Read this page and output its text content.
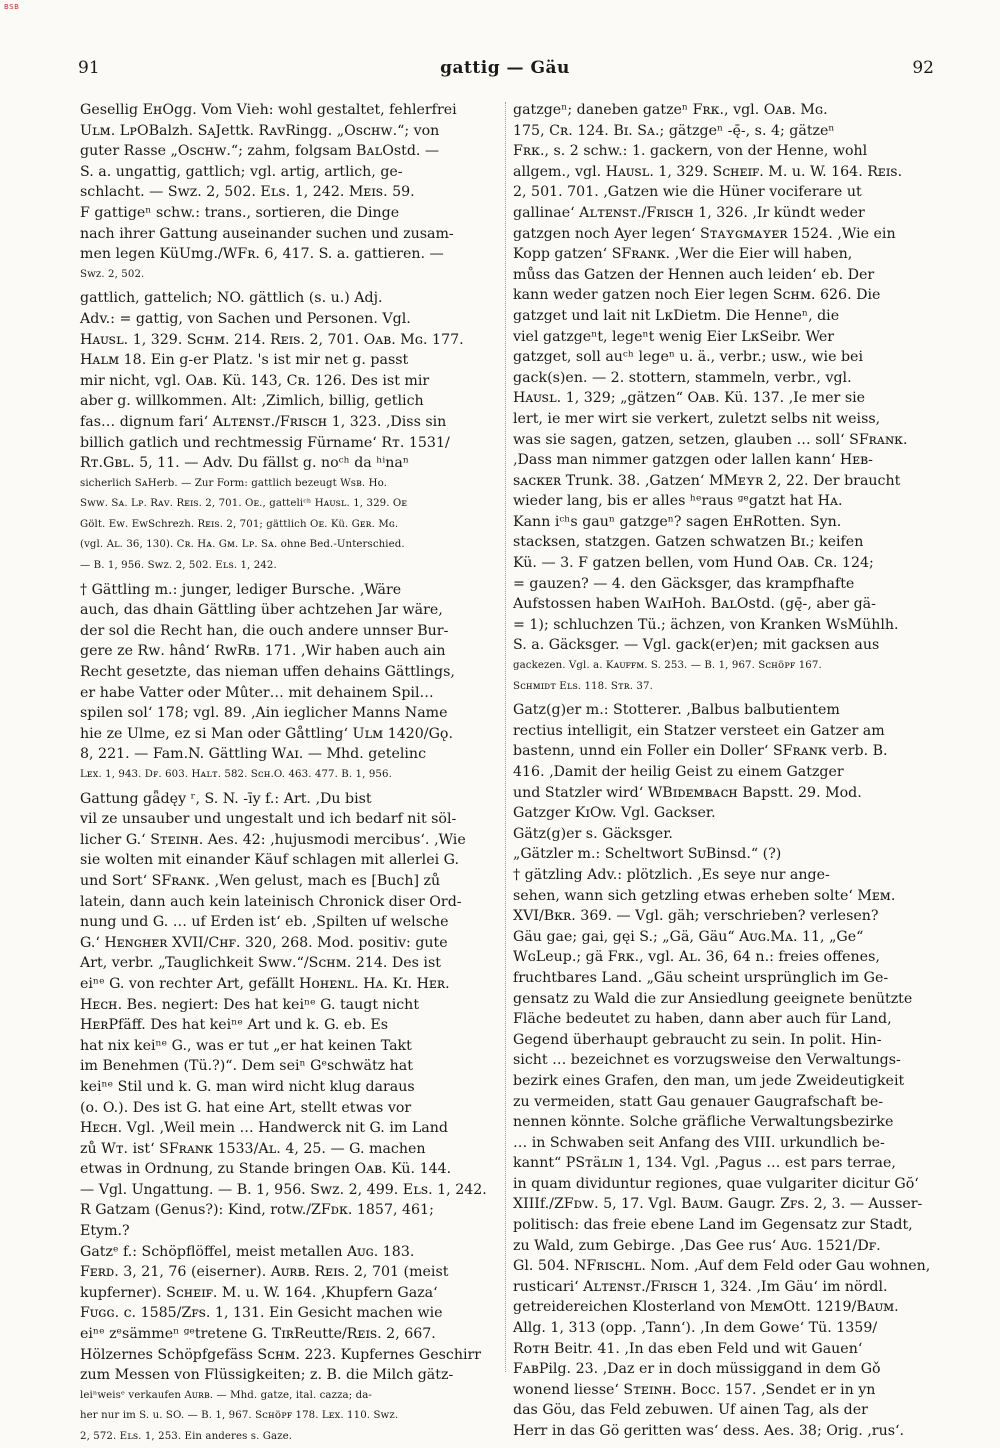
BSB
91	gattig — Gäu	92
Gesellig EʜOgg. Vom Vieh: wohl gestaltet, fehlerfrei
Uʟᴍ. LᴘOBalzh. SᴀJettk. RᴀᴠRingg. „Oѕᴄʜᴡ.“; von
guter Rasse „Oѕᴄʜᴡ.“; zahm, folgsam BᴀʟOstd. —
S. a. ungattig, gattlich; vgl. artig, artlich, ge-
schlacht. — Sᴡᴢ. 2, 502. Eʟѕ. 1, 242. Mᴇɪѕ. 59.
F gattigeⁿ schw.: trans., sortieren, die Dinge
nach ihrer Gattung auseinander suchen und zusam-
men legen KüUmg./WFʀ. 6, 417. S. a. gattieren. —
Sᴡᴢ. 2, 502.
gattlich, gattelich; NO. gättlich (s. u.) Adj.
Adv.: = gattig, von Sachen und Personen. Vgl.
Hᴀᴜѕʟ. 1, 329. Sᴄʜᴍ. 214. Rᴇɪѕ. 2, 701. Oᴀʙ. Mɢ. 177.
Hᴀʟᴍ 18. Ein g-er Platz. 's ist mir net g. passt
mir nicht, vgl. Oᴀʙ. Kü. 143, Cʀ. 126. Des ist mir
aber g. willkommen. Alt: ‚Zimlich, billig, getlich
fas… dignum fari‘ Aʟᴛᴇɴѕᴛ./Fʀɪѕᴄʜ 1, 323. ‚Diss sin
billich gatlich und rechtmessig Fürname‘ Rᴛ. 1531/
Rᴛ.Gʙʟ. 5, 11. — Adv. Du fällst g. noᶜʰ da ʰⁱnaⁿ
sicherlich SᴀHerb. — Zur Form: gattlich bezeugt Wѕʙ. Hᴏ.
Sᴡᴡ. Sᴀ. Lᴘ. Rᴀᴠ. Rᴇɪѕ. 2, 701. Oᴇ., gatteliᶜʰ Hᴀᴜѕʟ. 1, 329. Oᴇ
Gölt. Eᴡ. EᴡSchrezh. Rᴇɪѕ. 2, 701; gättlich Oᴇ. Kü. Gᴇʀ. Mɢ.
(vgl. Aʟ. 36, 130). Cʀ. Hᴀ. Gᴍ. Lᴘ. Sᴀ. ohne Bed.-Unterschied.
— B. 1, 956. Sᴡᴢ. 2, 502. Eʟѕ. 1, 242.
† Gättling m.: junger, lediger Bursche. ‚Wäre
auch, das dhain Gättling über achtzehen Jar wäre,
der sol die Recht han, die ouch andere unnser Bur-
gere ze Rᴡ. hând‘ RᴡRʙ. 171. ‚Wir haben auch ain
Recht gesetzte, das nieman uffen dehains Gättlings,
er habe Vatter oder Mûter… mit dehainem Spil…
spilen sol‘ 178; vgl. 89. ‚Ain ieglicher Manns Name
hie ze Ulme, ez si Man oder Gåttling‘ Uʟᴍ 1420/Gǫ.
8, 221. — Fam.N. Gättling Wᴀɪ. — Mhd. getelinc
Lᴇx. 1, 943. Dꜰ. 603. Hᴀʟᴛ. 582. Sᴄʜ.O. 463. 477. B. 1, 956.
Gattung gǟdęy ʳ, S. N. -īy f.: Art. ‚Du bist
vil ze unsauber und ungestalt und ich bedarf nit söl-
licher G.‘ Sᴛᴇɪɴʜ. Aes. 42: ‚hujusmodi mercibus‘. ‚Wie
sie wolten mit einander Käuf schlagen mit allerlei G.
und Sort‘ SFʀᴀɴᴋ. ‚Wen gelust, mach es [Buch] zů
latein, dann auch kein lateinisch Chronick diser Ord-
nung und G. … uf Erden ist‘ eb. ‚Spilten uf welsche
G.‘ Hᴇɴɢʜᴇʀ XVII/Cʜꜰ. 320, 268. Mod. positiv: gute
Art, verbr. „Tauglichkeit Sᴡᴡ.“/Sᴄʜᴍ. 214. Des ist
eiⁿᵉ G. von rechter Art, gefällt Hᴏʜᴇɴʟ. Hᴀ. Kɪ. Hᴇʀ.
Hᴇᴄʜ. Bes. negiert: Des hat keiⁿᵉ G. taugt nicht
HᴇʀPfäff. Des hat keiⁿᵉ Art und k. G. eb. Es
hat nix keiⁿᵉ G., was er tut „er hat keinen Takt
im Benehmen (Tü.?)“. Dem seiⁿ Gᵉschwätz hat
keiⁿᵉ Stil und k. G. man wird nicht klug daraus
(o. O.). Des ist G. hat eine Art, stellt etwas vor
Hᴇᴄʜ. Vgl. ‚Weil mein … Handwerck nit G. im Land
zů Wᴛ. ist‘ SFʀᴀɴᴋ 1533/Aʟ. 4, 25. — G. machen
etwas in Ordnung, zu Stande bringen Oᴀʙ. Kü. 144.
— Vgl. Ungattung. — B. 1, 956. Sᴡᴢ. 2, 499. Eʟѕ. 1, 242.
R Gatzam (Genus?): Kind, rotw./ZFᴅᴋ. 1857, 461;
Etym.?
Gatzᵉ f.: Schöpflöffel, meist metallen Aᴜɢ. 183.
Fᴇʀᴅ. 3, 21, 76 (eiserner). Aᴜʀʙ. Rᴇɪѕ. 2, 701 (meist
kupferner). Sᴄʜᴇɪꜰ. M. u. W. 164. ‚Khupfern Gaza‘
Fᴜɢɢ. c. 1585/Zꜰѕ. 1, 131. Ein Gesicht machen wie
eiⁿᵉ zᵉsämmeⁿ ᵍᵉtretene G. TɪʀReutte/Rᴇɪѕ. 2, 667.
Hölzernes Schöpfgefäss Sᴄʜᴍ. 223. Kupfernes Geschirr
zum Messen von Flüssigkeiten; z. B. die Milch gätz-
leiⁿweisᵉ verkaufen Aᴜʀʙ. — Mhd. gatze, ital. cazza; da-
her nur im S. u. SO. — B. 1, 967. Sᴄʜöᴘꜰ 178. Lᴇx. 110. Sᴡᴢ.
2, 572. Eʟѕ. 1, 253. Ein anderes s. Gaze.
gatzgeⁿ; daneben gatzeⁿ Fʀᴋ., vgl. Oᴀʙ. Mɢ.
175, Cʀ. 124. Bɪ. Sᴀ.; gätzgeⁿ -ę̄-, s. 4; gätzeⁿ
Fʀᴋ., s. 2 schw.: 1. gackern, von der Henne, wohl
allgem., vgl. Hᴀᴜѕʟ. 1, 329. Sᴄʜᴇɪꜰ. M. u. W. 164. Rᴇɪѕ.
2, 501. 701. ‚Gatzen wie die Hüner vociferare ut
gallinae‘ Aʟᴛᴇɴѕᴛ./Fʀɪѕᴄʜ 1, 326. ‚Ir kündt weder
gatzgen noch Ayer legen‘ Sᴛᴀʏɢᴍᴀʏᴇʀ 1524. ‚Wie ein
Kopp gatzen‘ SFʀᴀɴᴋ. ‚Wer die Eier will haben,
můss das Gatzen der Hennen auch leiden‘ eb. Der
kann weder gatzen noch Eier legen Sᴄʜᴍ. 626. Die
gatzget und lait nit LᴋDietm. Die Henneⁿ, die
viel gatzgeⁿt, legeⁿt wenig Eier LᴋSeibr. Wer
gatzget, soll auᶜʰ legeⁿ u. ä., verbr.; usw., wie bei
gack(s)en. — 2. stottern, stammeln, verbr., vgl.
Hᴀᴜѕʟ. 1, 329; „gätzen“ Oᴀʙ. Kü. 137. ‚Ie mer sie
lert, ie mer wirt sie verkert, zuletzt selbs nit weiss,
was sie sagen, gatzen, setzen, glauben … soll‘ SFʀᴀɴᴋ.
‚Dass man nimmer gatzgen oder lallen kann‘ Hᴇʙ-
ѕᴀᴄᴋᴇʀ Trunk. 38. ‚Gatzen‘ MMᴇʏʀ 2, 22. Der braucht
wieder lang, bis er alles ʰᵉraus ᵍᵉgatzt hat Hᴀ.
Kann iᶜʰs gauⁿ gatzgeⁿ? sagen EʜRotten. Syn.
stacksen, statzgen. Gatzen schwatzen Bɪ.; keifen
Kü. — 3. F gatzen bellen, vom Hund Oᴀʙ. Cʀ. 124;
= gauzen? — 4. den Gäcksger, das krampfhafte
Aufstossen haben WᴀɪHoh. BᴀʟOstd. (gę̄-, aber gä-
= 1); schluchzen Tü.; ächzen, von Kranken WѕMühlh.
S. a. Gäcksger. — Vgl. gack(er)en; mit gacksen aus
gackezen. Vgl. a. Kᴀᴜꜰꜰᴍ. S. 253. — B. 1, 967. Sᴄʜöᴘꜰ 167.
Sᴄʜᴍɪᴅᴛ Eʟѕ. 118. Sᴛʀ. 37.
Gatz(g)er m.: Stotterer. ‚Balbus balbutientem
rectius intelligit, ein Statzer versteet ein Gatzer am
bastenn, unnd ein Foller ein Doller‘ SFʀᴀɴᴋ verb. B.
416. ‚Damit der heilig Geist zu einem Gatzger
und Statzler wird‘ WBɪᴅᴇᴍʙᴀᴄʜ Bapstt. 29. Mod.
Gatzger KɪOw. Vgl. Gackser.
Gätz(g)er s. Gäcksger.
„Gätzler m.: Scheltwort SᴜBinsd.“ (?)
† gätzling Adv.: plötzlich. ‚Es seye nur ange-
sehen, wann sich getzling etwas erheben solte‘ Mᴇᴍ.
XVI/Bᴋʀ. 369. — Vgl. gäh; verschrieben? verlesen?
Gäu gae; gai, gęi S.; „Gä, Gäu“ Aᴜɢ.Mᴀ. 11, „Ge“
WɢLeup.; gä Fʀᴋ., vgl. Aʟ. 36, 64 n.: freies offenes,
fruchtbares Land. „Gäu scheint ursprünglich im Ge-
gensatz zu Wald die zur Ansiedlung geeignete benützte
Fläche bedeutet zu haben, dann aber auch für Land,
Gegend überhaupt gebraucht zu sein. In polit. Hin-
sicht … bezeichnet es vorzugsweise den Verwaltungs-
bezirk eines Grafen, den man, um jede Zweideutigkeit
zu vermeiden, statt Gau genauer Gaugrafschaft be-
nennen könnte. Solche gräfliche Verwaltungsbezirke
… in Schwaben seit Anfang des VIII. urkundlich be-
kannt“ PSᴛäʟɪɴ 1, 134. Vgl. ‚Pagus … est pars terrae,
in quam dividuntur regiones, quae vulgariter dicitur Gŏ‘
XIIIf./ZFᴅᴡ. 5, 17. Vgl. Bᴀᴜᴍ. Gaugr. Zꜰѕ. 2, 3. — Ausser-
politisch: das freie ebene Land im Gegensatz zur Stadt,
zu Wald, zum Gebirge. ‚Das Gee rus‘ Aᴜɢ. 1521/Dꜰ.
Gl. 504. NFʀɪѕᴄʜʟ. Nom. ‚Auf dem Feld oder Gau wohnen,
rusticari‘ Aʟᴛᴇɴѕᴛ./Fʀɪѕᴄʜ 1, 324. ‚Im Gäu‘ im nördl.
getreidereichen Klosterland von MᴇᴍOtt. 1219/Bᴀᴜᴍ.
Allg. 1, 313 (opp. ‚Tann‘). ‚In dem Gowe‘ Tü. 1359/
Rᴏᴛʜ Beitr. 41. ‚In das eben Feld und wit Gauen‘
FᴀʙPilg. 23. ‚Daz er in doch müssiggand in dem Gǒ
wonend liesse‘ Sᴛᴇɪɴʜ. Bocc. 157. ‚Sendet er in yn
das Göu, das Feld zebuwen. Uf ainen Tag, als der
Herr in das Gö geritten was‘ dess. Aes. 38; Orig. ‚rus‘.
